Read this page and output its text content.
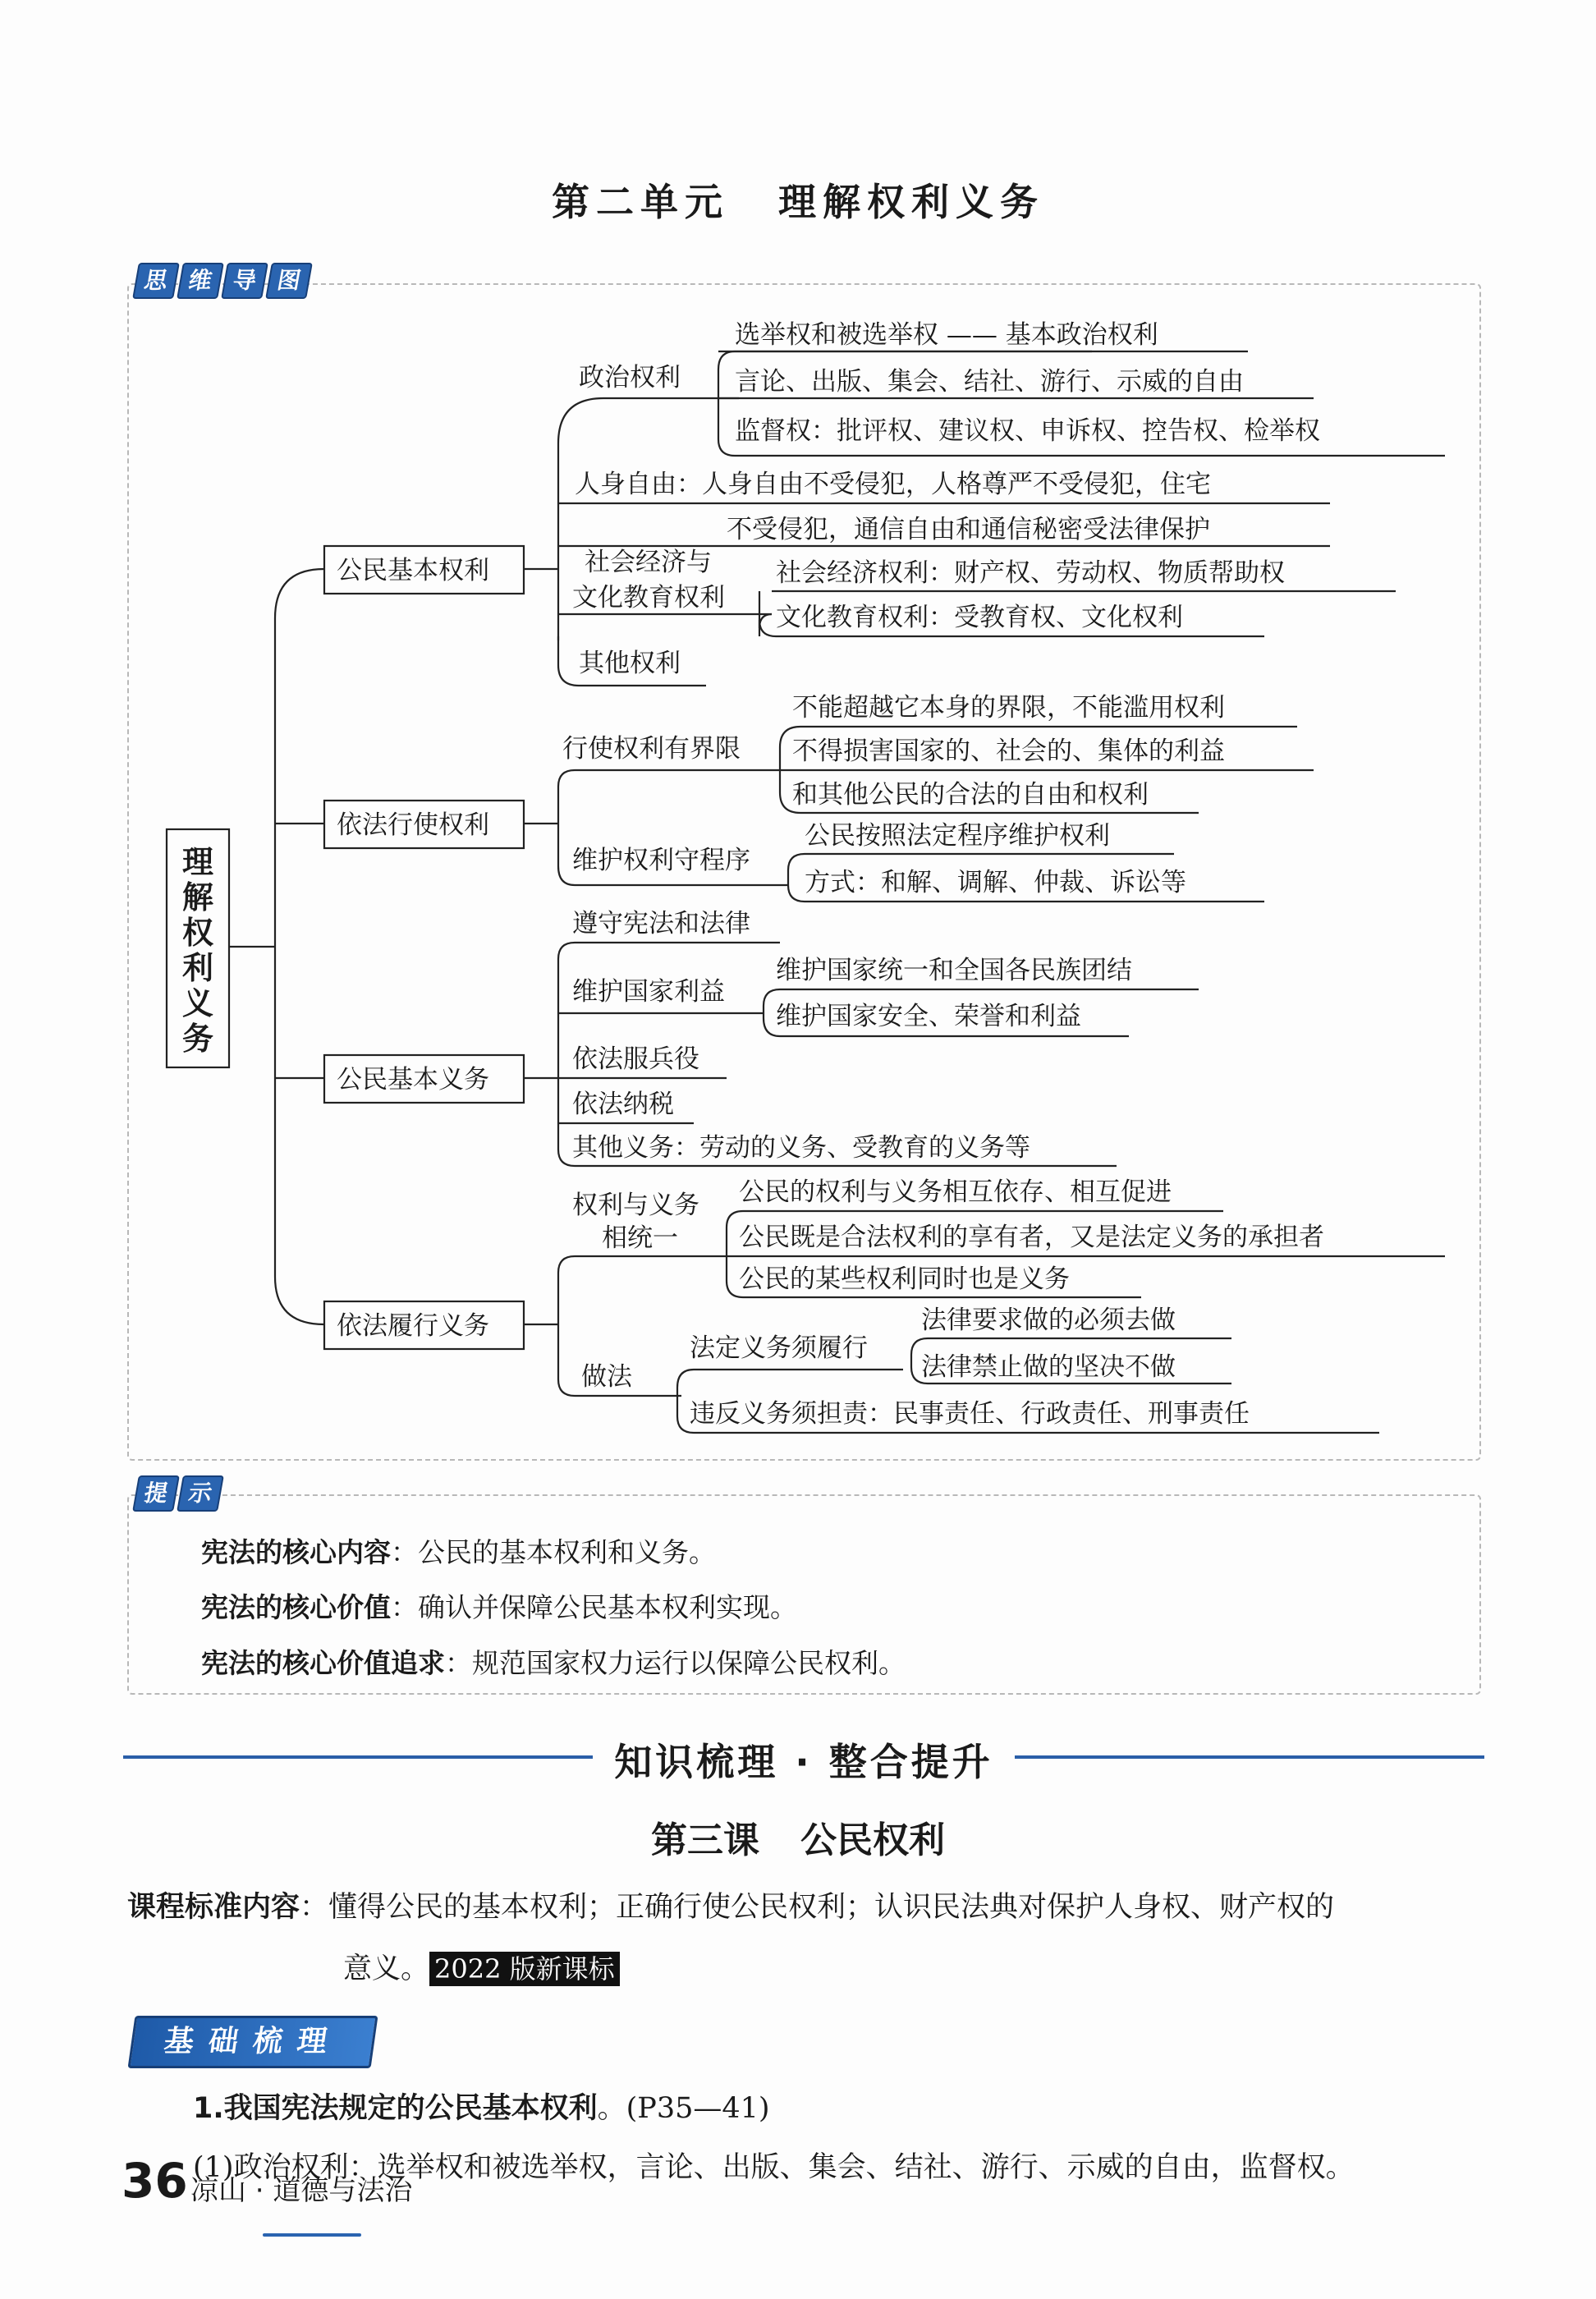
第二单元 理解权利义务
思 维 导 图
理
解
权
利
义
务
公民基本权利
依法行使权利
公民基本义务
依法履行义务
政治权利
选举权和被选举权 —— 基本政治权利
言论、出版、集会、结社、游行、示威的自由
监督权：批评权、建议权、申诉权、控告权、检举权
人身自由：人身自由不受侵犯，人格尊严不受侵犯，住宅
不受侵犯，通信自由和通信秘密受法律保护
社会经济与
文化教育权利
社会经济权利：财产权、劳动权、物质帮助权
文化教育权利：受教育权、文化权利
其他权利
行使权利有界限
不能超越它本身的界限，不能滥用权利
不得损害国家的、社会的、集体的利益
和其他公民的合法的自由和权利
维护权利守程序
公民按照法定程序维护权利
方式：和解、调解、仲裁、诉讼等
遵守宪法和法律
维护国家利益
维护国家统一和全国各民族团结
维护国家安全、荣誉和利益
依法服兵役
依法纳税
其他义务：劳动的义务、受教育的义务等
权利与义务
相统一
公民的权利与义务相互依存、相互促进
公民既是合法权利的享有者，又是法定义务的承担者
公民的某些权利同时也是义务
做法
法定义务须履行
法律要求做的必须去做
法律禁止做的坚决不做
违反义务须担责：民事责任、行政责任、刑事责任
提 示
宪法的核心内容：公民的基本权利和义务。
宪法的核心价值：确认并保障公民基本权利实现。
宪法的核心价值追求：规范国家权力运行以保障公民权利。
知识梳理 · 整合提升
第三课 公民权利
课程标准内容：懂得公民的基本权利；正确行使公民权利；认识民法典对保护人身权、财产权的
意义。 2022 版新课标
基础梳理
1.我国宪法规定的公民基本权利。(P35—41)
(1)政治权利：选举权和被选举权，言论、出版、集会、结社、游行、示威的自由，监督权。
36 凉山 · 道德与法治
